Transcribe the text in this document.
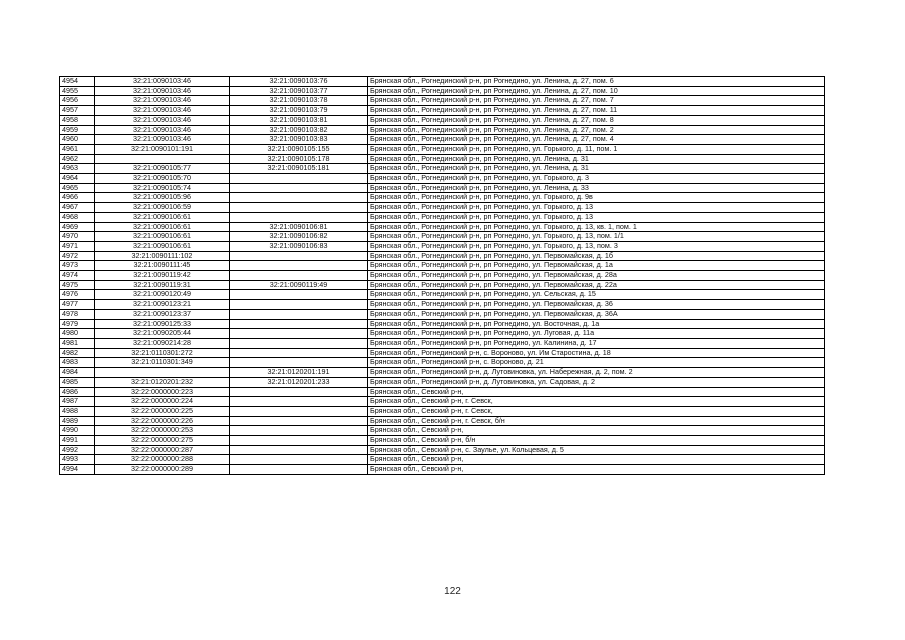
4954	32:21:0090103:46	32:21:0090103:76	Брянская обл., Рогнединский р-н, рп Рогнедино, ул. Ленина, д. 27, пом. 6
4955	32:21:0090103:46	32:21:0090103:77	Брянская обл., Рогнединский р-н, рп Рогнедино, ул. Ленина, д. 27, пом. 10
4956	32:21:0090103:46	32:21:0090103:78	Брянская обл., Рогнединский р-н, рп Рогнедино, ул. Ленина, д. 27, пом. 7
4957	32:21:0090103:46	32:21:0090103:79	Брянская обл., Рогнединский р-н, рп Рогнедино, ул. Ленина, д. 27, пом. 11
4958	32:21:0090103:46	32:21:0090103:81	Брянская обл., Рогнединский р-н, рп Рогнедино, ул. Ленина, д. 27, пом. 8
4959	32:21:0090103:46	32:21:0090103:82	Брянская обл., Рогнединский р-н, рп Рогнедино, ул. Ленина, д. 27, пом. 2
4960	32:21:0090103:46	32:21:0090103:83	Брянская обл., Рогнединский р-н, рп Рогнедино, ул. Ленина, д. 27, пом. 4
4961	32:21:0090101:191	32:21:0090105:155	Брянская обл., Рогнединский р-н, рп Рогнедино, ул. Горького, д. 11, пом. 1
4962		32:21:0090105:178	Брянская обл., Рогнединский р-н, рп Рогнедино, ул. Ленина, д. 31
4963	32:21:0090105:77	32:21:0090105:181	Брянская обл., Рогнединский р-н, рп Рогнедино, ул. Ленина, д. 31
4964	32:21:0090105:70		Брянская обл., Рогнединский р-н, рп Рогнедино, ул. Горького, д. 3
4965	32:21:0090105:74		Брянская обл., Рогнединский р-н, рп Рогнедино, ул. Ленина, д. 33
4966	32:21:0090105:96		Брянская обл., Рогнединский р-н, рп Рогнедино, ул. Горького, д. 9в
4967	32:21:0090106:59		Брянская обл., Рогнединский р-н, рп Рогнедино, ул. Горького, д. 13
4968	32:21:0090106:61		Брянская обл., Рогнединский р-н, рп Рогнедино, ул. Горького, д. 13
4969	32:21:0090106:61	32:21:0090106:81	Брянская обл., Рогнединский р-н, рп Рогнедино, ул. Горького, д. 13, кв. 1, пом. 1
4970	32:21:0090106:61	32:21:0090106:82	Брянская обл., Рогнединский р-н, рп Рогнедино, ул. Горького, д. 13, пом. 1/1
4971	32:21:0090106:61	32:21:0090106:83	Брянская обл., Рогнединский р-н, рп Рогнедино, ул. Горького, д. 13, пом. 3
4972	32:21:0090111:102		Брянская обл., Рогнединский р-н, рп Рогнедино, ул. Первомайская, д. 1б
4973	32:21:0090111:45		Брянская обл., Рогнединский р-н, рп Рогнедино, ул. Первомайская, д. 1а
4974	32:21:0090119:42		Брянская обл., Рогнединский р-н, рп Рогнедино, ул. Первомайская, д. 28а
4975	32:21:0090119:31	32:21:0090119:49	Брянская обл., Рогнединский р-н, рп Рогнедино, ул. Первомайская, д. 22а
4976	32:21:0090120:49		Брянская обл., Рогнединский р-н, рп Рогнедино, ул. Сельская, д. 15
4977	32:21:0090123:21		Брянская обл., Рогнединский р-н, рп Рогнедино, ул. Первомайская, д. 36
4978	32:21:0090123:37		Брянская обл., Рогнединский р-н, рп Рогнедино, ул. Первомайская, д. 36А
4979	32:21:0090125:33		Брянская обл., Рогнединский р-н, рп Рогнедино, ул. Восточная, д. 1а
4980	32:21:0090205:44		Брянская обл., Рогнединский р-н, рп Рогнедино, ул. Луговая, д. 11а
4981	32:21:0090214:28		Брянская обл., Рогнединский р-н, рп Рогнедино, ул. Калинина, д. 17
4982	32:21:0110301:272		Брянская обл., Рогнединский р-н, с. Вороново, ул. Им Старостина, д. 18
4983	32:21:0110301:349		Брянская обл., Рогнединский р-н, с. Вороново, д. 21
4984		32:21:0120201:191	Брянская обл., Рогнединский р-н, д. Лутовиновка, ул. Набережная, д. 2, пом. 2
4985	32:21:0120201:232	32:21:0120201:233	Брянская обл., Рогнединский р-н, д. Лутовиновка, ул. Садовая, д. 2
4986	32:22:0000000:223		Брянская обл., Севский р-н,
4987	32:22:0000000:224		Брянская обл., Севский р-н, г. Севск,
4988	32:22:0000000:225		Брянская обл., Севский р-н, г. Севск,
4989	32:22:0000000:226		Брянская обл., Севский р-н, г. Севск, б/н
4990	32:22:0000000:253		Брянская обл., Севский р-н,
4991	32:22:0000000:275		Брянская обл., Севский р-н, б/н
4992	32:22:0000000:287		Брянская обл., Севский р-н, с. Заулье, ул. Кольцевая, д. 5
4993	32:22:0000000:288		Брянская обл., Севский р-н,
4994	32:22:0000000:289		Брянская обл., Севский р-н,
122
